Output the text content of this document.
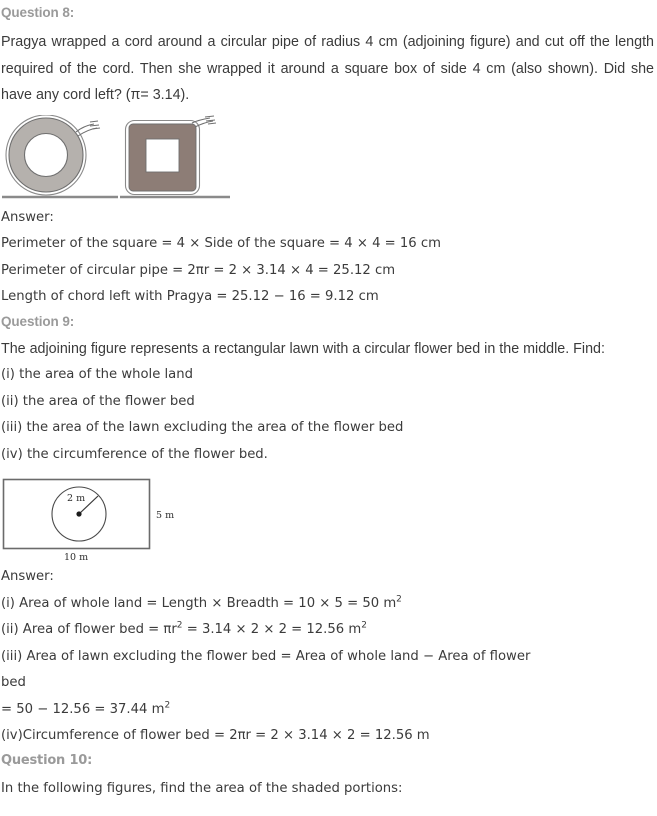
Question 8:

Pragya wrapped a cord around a circular pipe of radius 4 cm (adjoining figure) and cut off the length required of the cord. Then she wrapped it around a square box of side 4 cm (also shown). Did she have any cord left? (π= 3.14).

Answer:
Perimeter of the square = 4 × Side of the square = 4 × 4 = 16 cm
Perimeter of circular pipe = 2πr = 2 × 3.14 × 4 = 25.12 cm
Length of chord left with Pragya = 25.12 − 16 = 9.12 cm
Question 9:

The adjoining figure represents a rectangular lawn with a circular flower bed in the middle. Find:

(i) the area of the whole land
(ii) the area of the flower bed
(iii) the area of the lawn excluding the area of the flower bed
(iv) the circumference of the flower bed.
2 m
5 m
10 m
Answer:
(i) Area of whole land = Length × Breadth = 10 × 5 = 50 $m^2$
(ii) Area of flower bed = $\pi r^2 = 3.14 \times 2 \times 2 = 12.56$ $m^2$
(iii) Area of lawn excluding the flower bed = Area of whole land − Area of flower bed
= 50 − 12.56 = 37.44 $m^2$
(iv)Circumference of flower bed = 2πr = 2 × 3.14 × 2 = 12.56 m
Question 10:
In the following figures, find the area of the shaded portions:
